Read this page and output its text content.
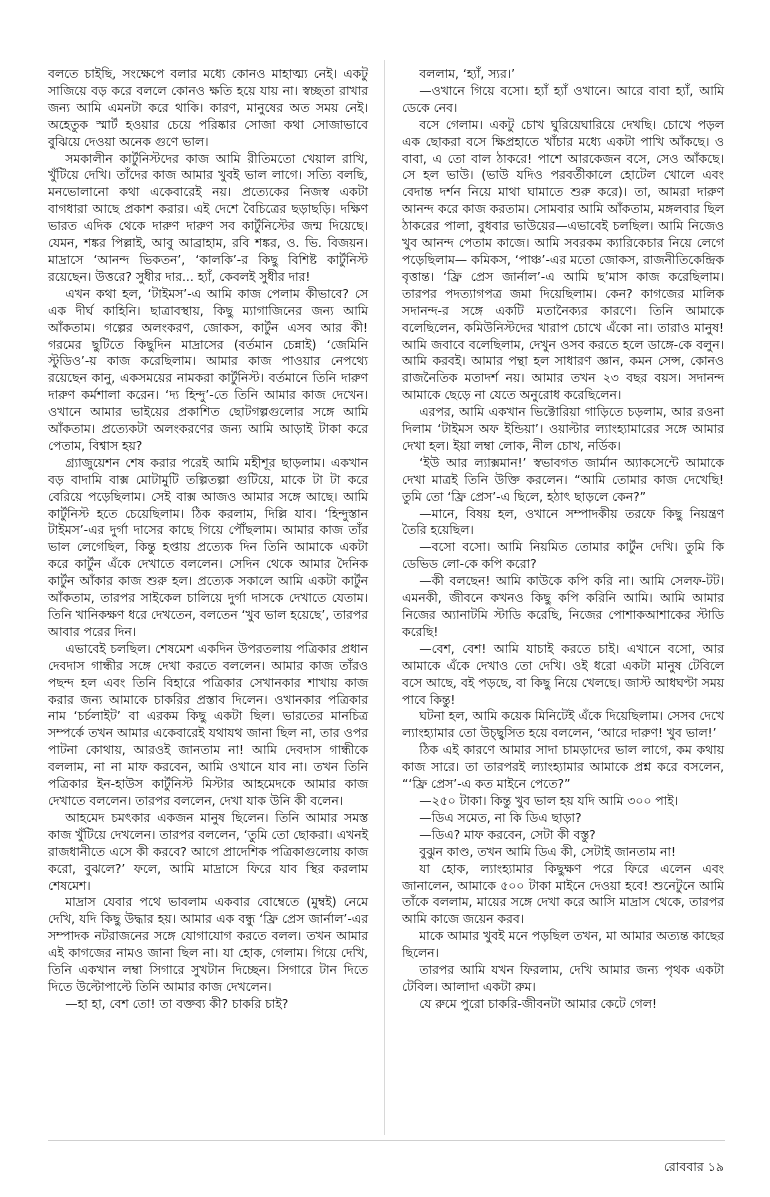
বলতে চাইছি, সংক্ষেপে বলার মধ্যে কোনও মাহাত্ম্য নেই। একটু সাজিয়ে বড় করে বললে কোনও ক্ষতি হয়ে যায় না। স্বচ্ছতা রাখার জন্য আমি এমনটা করে থাকি। কারণ, মানুষের অত সময় নেই। অহেতুক স্মার্ট হওয়ার চেয়ে পরিষ্কার সোজা কথা সোজাভাবে বুঝিয়ে দেওয়া অনেক গুণে ভাল।

সমকালীন কার্টুনিস্টদের কাজ আমি রীতিমতো খেয়াল রাখি, খুঁটিয়ে দেখি। তাঁদের কাজ আমার খুবই ভাল লাগে। সত্যি বলছি, মনভোলানো কথা একেবারেই নয়। প্রত্যেকের নিজস্ব একটা বাগধারা আছে প্রকাশ করার। এই দেশে বৈচিত্রের ছড়াছড়ি। দক্ষিণ ভারত এদিক থেকে দারুণ দারুণ সব কার্টুনিস্টের জন্ম দিয়েছে। যেমন, শঙ্কর পিল্লাই, আবু আব্রাহাম, রবি শঙ্কর, ও. ভি. বিজয়ন। মাদ্রাসে ‘আনন্দ ভিকতন’, ‘কালকি’-র কিছু বিশিষ্ট কার্টুনিস্ট রয়েছেন। উত্তরে? সুধীর দার... হ্যাঁ, কেবলই সুধীর দার!

এখন কথা হল, ‘টাইমস’-এ আমি কাজ পেলাম কীভাবে? সে এক দীর্ঘ কাহিনি। ছাত্রাবস্থায়, কিছু ম্যাগাজিনের জন্য আমি আঁকতাম। গল্পের অলংকরণ, জোকস, কার্টুন এসব আর কী! গরমের ছুটিতে কিছুদিন মাদ্রাসের (বর্তমান চেন্নাই) ‘জেমিনি স্টুডিও’-য় কাজ করেছিলাম। আমার কাজ পাওয়ার নেপথ্যে রয়েছেন কানু, একসময়ের নামকরা কার্টুনিস্ট। বর্তমানে তিনি দারুণ দারুণ কর্মশালা করেন। ‘দ্য হিন্দু’-তে তিনি আমার কাজ দেখেন। ওখানে আমার ভাইয়ের প্রকাশিত ছোটগল্পগুলোর সঙ্গে আমি আঁকতাম। প্রত্যেকটা অলংকরণের জন্য আমি আড়াই টাকা করে পেতাম, বিশ্বাস হয়?

গ্র্যাজুয়েশন শেষ করার পরেই আমি মহীশূর ছাড়লাম। একখান বড় বাদামি বাক্স মোটামুটি তল্পিতল্পা গুটিয়ে, মাকে টা টা করে বেরিয়ে পড়েছিলাম। সেই বাক্স আজও আমার সঙ্গে আছে। আমি কার্টুনিস্ট হতে চেয়েছিলাম। ঠিক করলাম, দিল্লি যাব। ‘হিন্দুস্তান টাইমস’-এর দুর্গা দাসের কাছে গিয়ে পৌঁছলাম। আমার কাজ তাঁর ভাল লেগেছিল, কিন্তু হপ্তায় প্রত্যেক দিন তিনি আমাকে একটা করে কার্টুন এঁকে দেখাতে বললেন। সেদিন থেকে আমার দৈনিক কার্টুন আঁকার কাজ শুরু হল। প্রত্যেক সকালে আমি একটা কার্টুন আঁকতাম, তারপর সাইকেল চালিয়ে দুর্গা দাসকে দেখাতে যেতাম। তিনি খানিকক্ষণ ধরে দেখতেন, বলতেন ‘খুব ভাল হয়েছে’, তারপর আবার পরের দিন।

এভাবেই চলছিল। শেষমেশ একদিন উপরতলায় পত্রিকার প্রধান দেবদাস গান্ধীর সঙ্গে দেখা করতে বললেন। আমার কাজ তাঁরও পছন্দ হল এবং তিনি বিহারে পত্রিকার সেখানকার শাখায় কাজ করার জন্য আমাকে চাকরির প্রস্তাব দিলেন। ওখানকার পত্রিকার নাম ‘চর্চলাইট’ বা এরকম কিছু একটা ছিল। ভারতের মানচিত্র সম্পর্কে তখন আমার একেবারেই যথাযথ জানা ছিল না, তার ওপর পাটনা কোথায়, আরওই জানতাম না! আমি দেবদাস গান্ধীকে বললাম, না না মাফ করবেন, আমি ওখানে যাব না। তখন তিনি পত্রিকার ইন-হাউস কার্টুনিস্ট মিস্টার আহমেদকে আমার কাজ দেখাতে বললেন। তারপর বললেন, দেখা যাক উনি কী বলেন।

আহমেদ চমৎকার একজন মানুষ ছিলেন। তিনি আমার সমস্ত কাজ খুঁটিয়ে দেখলেন। তারপর বললেন, ‘তুমি তো ছোকরা। এখনই রাজধানীতে এসে কী করবে? আগে প্রাদেশিক পত্রিকাগুলোয় কাজ করো, বুঝলে?’ ফলে, আমি মাদ্রাসে ফিরে যাব স্থির করলাম শেষমেশ।

মাদ্রাস যেবার পথে ভাবলাম একবার বোম্বেতে (মুম্বই) নেমে দেখি, যদি কিছু উদ্ধার হয়। আমার এক বন্ধু ‘ফ্রি প্রেস জার্নাল’-এর সম্পাদক নটরাজনের সঙ্গে যোগাযোগ করতে বলল। তখন আমার এই কাগজের নামও জানা ছিল না। যা হোক, গেলাম। গিয়ে দেখি, তিনি একখান লম্বা সিগারে সুখটান দিচ্ছেন। সিগারে টান দিতে দিতে উল্টোপাল্টে তিনি আমার কাজ দেখলেন।

—হা হা, বেশ তো! তা বক্তব্য কী? চাকরি চাই?

বললাম, ‘হ্যাঁ, স্যর।’

—ওখানে গিয়ে বসো। হ্যাঁ হ্যাঁ ওখানে। আরে বাবা হ্যাঁ, আমি ডেকে নেব।

বসে গেলাম। একটু চোখ ঘুরিয়েঘারিয়ে দেখছি। চোখে পড়ল এক ছোকরা বসে ক্ষিপ্রহাতে খাঁচার মধ্যে একটা পাখি আঁকছে। ও বাবা, এ তো বাল ঠাকরে! পাশে আরকেজন বসে, সেও আঁকছে। সে হল ভাউ। (ভাউ যদিও পরবর্তীকালে হোটেল খোলে এবং বেদান্ত দর্শন নিয়ে মাথা ঘামাতে শুরু করে)। তা, আমরা দারুণ আনন্দ করে কাজ করতাম। সোমবার আমি আঁকতাম, মঙ্গলবার ছিল ঠাকরের পালা, বুধবার ভাউয়ের—এভাবেই চলছিল। আমি নিজেও খুব আনন্দ পেতাম কাজে। আমি সবরকম ক্যারিকেচার নিয়ে লেগে পড়েছিলাম— কমিকস, ‘পাঞ্চ’-এর মতো জোকস, রাজনীতিকেন্দ্রিক বৃত্তান্ত। ‘ফ্রি প্রেস জার্নাল’-এ আমি ছ’মাস কাজ করেছিলাম। তারপর পদত্যাগপত্র জমা দিয়েছিলাম। কেন? কাগজের মালিক সদানন্দ-র সঙ্গে একটি মতানৈক্যর কারণে। তিনি আমাকে বলেছিলেন, কমিউনিস্টদের খারাপ চোখে এঁকো না। তারাও মানুষ! আমি জবাবে বলেছিলাম, দেখুন ওসব করতে হলে ডাঙ্গে-কে বলুন। আমি করবই। আমার পন্থা হল সাধারণ জ্ঞান, কমন সেন্স, কোনও রাজনৈতিক মতাদর্শ নয়। আমার তখন ২৩ বছর বয়স। সদানন্দ আমাকে ছেড়ে না যেতে অনুরোধ করেছিলেন।

এরপর, আমি একখান ভিক্টোরিয়া গাড়িতে চড়লাম, আর রওনা দিলাম ‘টাইমস অফ ইন্ডিয়া’। ওয়াল্টার ল্যাংহ্যামারের সঙ্গে আমার দেখা হল। ইয়া লম্বা লোক, নীল চোখ, নর্ডিক।

‘ইউ আর ল্যাক্সমান!’ স্বভাবগত জার্মান অ্যাকসেন্টে আমাকে দেখা মাত্রই তিনি উক্তি করলেন। “আমি তোমার কাজ দেখেছি! তুমি তো ‘ফ্রি প্রেস’-এ ছিলে, হঠাৎ ছাড়লে কেন?”

—মানে, বিষয় হল, ওখানে সম্পাদকীয় তরফে কিছু নিয়ন্ত্রণ তৈরি হয়েছিল।

—বসো বসো। আমি নিয়মিত তোমার কার্টুন দেখি। তুমি কি ডেভিড লো-কে কপি করো?

—কী বলছেন! আমি কাউকে কপি করি না। আমি সেলফ-টট। এমনকী, জীবনে কখনও কিছু কপি করিনি আমি। আমি আমার নিজের অ্যানাটমি স্টাডি করেছি, নিজের পোশাকআশাকের স্টাডি করেছি!

—বেশ, বেশ! আমি যাচাই করতে চাই। এখানে বসো, আর আমাকে এঁকে দেখাও তো দেখি। ওই ধরো একটা মানুষ টেবিলে বসে আছে, বই পড়ছে, বা কিছু নিয়ে খেলছে। জাস্ট আধঘণ্টা সময় পাবে কিন্তু!

ঘটনা হল, আমি কয়েক মিনিটেই এঁকে দিয়েছিলাম। সেসব দেখে ল্যাংহ্যামার তো উচ্ছ্বসিত হয়ে বললেন, ‘আরে দারুণ! খুব ভাল!’

ঠিক এই কারণে আমার সাদা চামড়াদের ভাল লাগে, কম কথায় কাজ সারে। তা তারপরই ল্যাংহ্যামার আমাকে প্রশ্ন করে বসলেন, “‘ফ্রি প্রেস’-এ কত মাইনে পেতে?”

—২৫০ টাকা। কিন্তু খুব ভাল হয় যদি আমি ৩০০ পাই।

—ডিএ সমেত, না কি ডিএ ছাড়া?

—ডিএ? মাফ করবেন, সেটা কী বস্তু?

বুঝুন কাণ্ড, তখন আমি ডিএ কী, সেটাই জানতাম না!

যা হোক, ল্যাংহ্যামার কিছুক্ষণ পরে ফিরে এলেন এবং জানালেন, আমাকে ৫০০ টাকা মাইনে দেওয়া হবে! শুনেটুনে আমি তাঁকে বললাম, মায়ের সঙ্গে দেখা করে আসি মাদ্রাস থেকে, তারপর আমি কাজে জয়েন করব।

মাকে আমার খুবই মনে পড়ছিল তখন, মা আমার অত্যন্ত কাছের ছিলেন।

তারপর আমি যখন ফিরলাম, দেখি আমার জন্য পৃথক একটা টেবিল। আলাদা একটা রুম।

যে রুমে পুরো চাকরি-জীবনটা আমার কেটে গেল!

রোববার ১৯
